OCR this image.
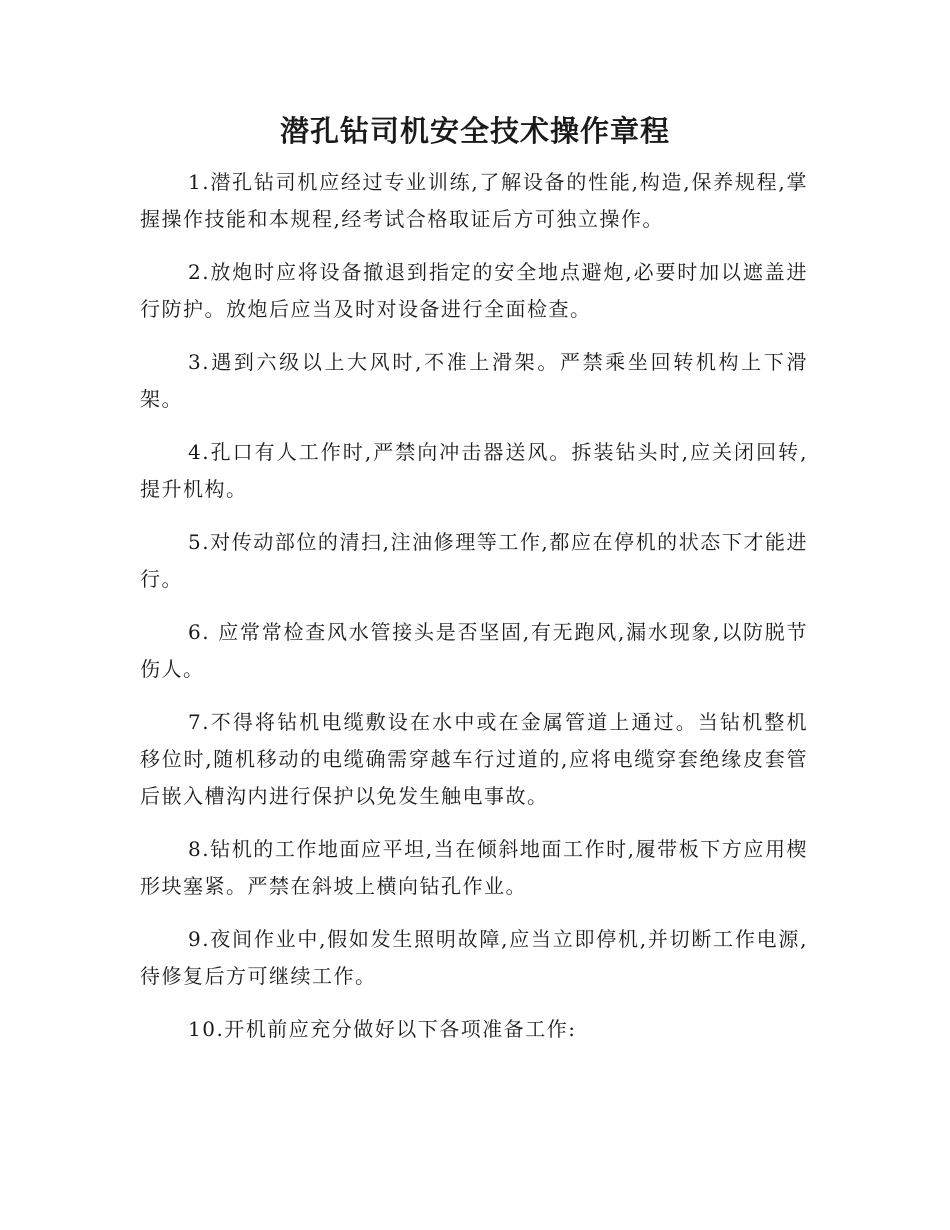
潜孔钻司机安全技术操作章程

1.潜孔钻司机应经过专业训练,了解设备的性能,构造,保养规程,掌握操作技能和本规程,经考试合格取证后方可独立操作。

2.放炮时应将设备撤退到指定的安全地点避炮,必要时加以遮盖进行防护。放炮后应当及时对设备进行全面检查。

3.遇到六级以上大风时,不准上滑架。严禁乘坐回转机构上下滑架。

4.孔口有人工作时,严禁向冲击器送风。拆装钻头时,应关闭回转,提升机构。

5.对传动部位的清扫,注油修理等工作,都应在停机的状态下才能进行。

6. 应常常检查风水管接头是否坚固,有无跑风,漏水现象,以防脱节伤人。

7.不得将钻机电缆敷设在水中或在金属管道上通过。当钻机整机移位时,随机移动的电缆确需穿越车行过道的,应将电缆穿套绝缘皮套管后嵌入槽沟内进行保护以免发生触电事故。

8.钻机的工作地面应平坦,当在倾斜地面工作时,履带板下方应用楔形块塞紧。严禁在斜坡上横向钻孔作业。

9.夜间作业中,假如发生照明故障,应当立即停机,并切断工作电源,待修复后方可继续工作。

10.开机前应充分做好以下各项准备工作:
